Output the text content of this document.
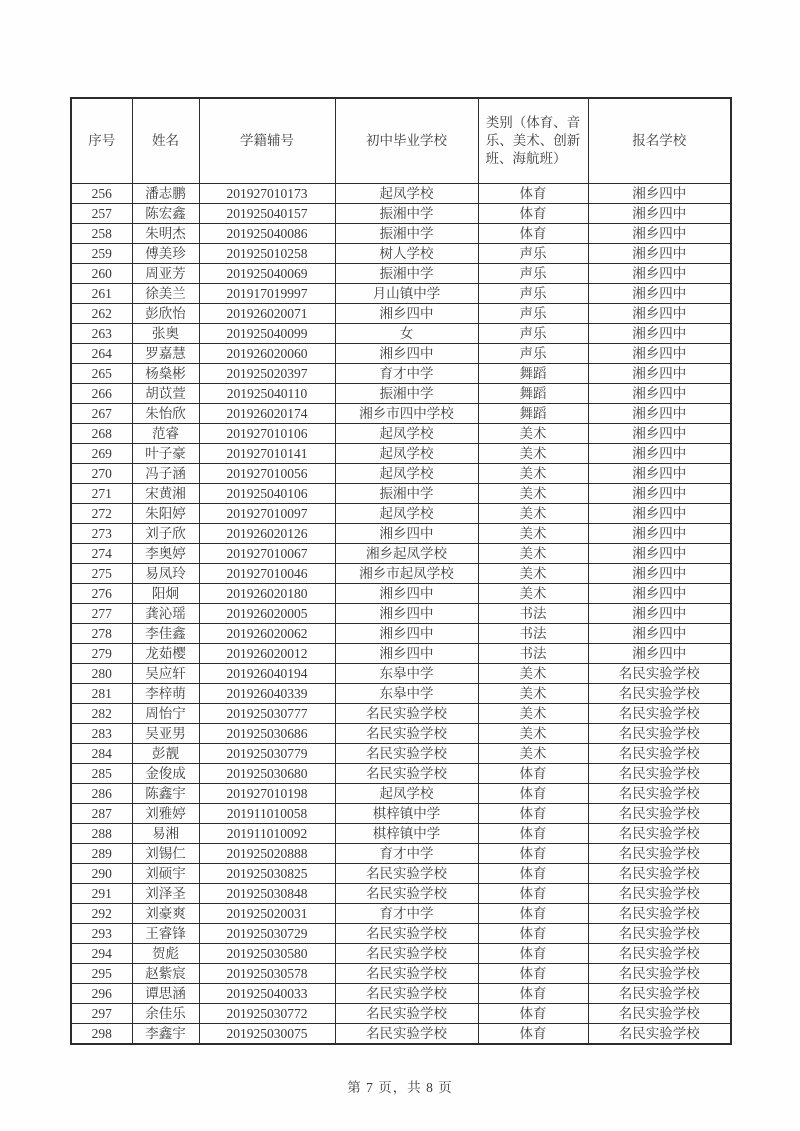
序号	姓名	学籍辅号	初中毕业学校	类别（体育、音乐、美术、创新班、海航班）	报名学校
256	潘志鹏	201927010173	起凤学校	体育	湘乡四中
257	陈宏鑫	201925040157	振湘中学	体育	湘乡四中
258	朱明杰	201925040086	振湘中学	体育	湘乡四中
259	傅美珍	201925010258	树人学校	声乐	湘乡四中
260	周亚芳	201925040069	振湘中学	声乐	湘乡四中
261	徐美兰	201917019997	月山镇中学	声乐	湘乡四中
262	彭欣怡	201926020071	湘乡四中	声乐	湘乡四中
263	张奥	201925040099	女	声乐	湘乡四中
264	罗嘉慧	201926020060	湘乡四中	声乐	湘乡四中
265	杨燊彬	201925020397	育才中学	舞蹈	湘乡四中
266	胡苡萱	201925040110	振湘中学	舞蹈	湘乡四中
267	朱怡欣	201926020174	湘乡市四中学校	舞蹈	湘乡四中
268	范睿	201927010106	起凤学校	美术	湘乡四中
269	叶子豪	201927010141	起凤学校	美术	湘乡四中
270	冯子涵	201927010056	起凤学校	美术	湘乡四中
271	宋黄湘	201925040106	振湘中学	美术	湘乡四中
272	朱阳婷	201927010097	起凤学校	美术	湘乡四中
273	刘子欣	201926020126	湘乡四中	美术	湘乡四中
274	李奥婷	201927010067	湘乡起凤学校	美术	湘乡四中
275	易凤玲	201927010046	湘乡市起凤学校	美术	湘乡四中
276	阳炯	201926020180	湘乡四中	美术	湘乡四中
277	龚沁瑶	201926020005	湘乡四中	书法	湘乡四中
278	李佳鑫	201926020062	湘乡四中	书法	湘乡四中
279	龙茹樱	201926020012	湘乡四中	书法	湘乡四中
280	吴应轩	201926040194	东皋中学	美术	名民实验学校
281	李梓萌	201926040339	东皋中学	美术	名民实验学校
282	周怡宁	201925030777	名民实验学校	美术	名民实验学校
283	吴亚男	201925030686	名民实验学校	美术	名民实验学校
284	彭靓	201925030779	名民实验学校	美术	名民实验学校
285	金俊成	201925030680	名民实验学校	体育	名民实验学校
286	陈鑫宇	201927010198	起凤学校	体育	名民实验学校
287	刘雅婷	201911010058	棋梓镇中学	体育	名民实验学校
288	易湘	201911010092	棋梓镇中学	体育	名民实验学校
289	刘锡仁	201925020888	育才中学	体育	名民实验学校
290	刘硕宇	201925030825	名民实验学校	体育	名民实验学校
291	刘泽圣	201925030848	名民实验学校	体育	名民实验学校
292	刘豪爽	201925020031	育才中学	体育	名民实验学校
293	王睿锋	201925030729	名民实验学校	体育	名民实验学校
294	贺彪	201925030580	名民实验学校	体育	名民实验学校
295	赵紫宸	201925030578	名民实验学校	体育	名民实验学校
296	谭思涵	201925040033	名民实验学校	体育	名民实验学校
297	余佳乐	201925030772	名民实验学校	体育	名民实验学校
298	李鑫宇	201925030075	名民实验学校	体育	名民实验学校
第 7 页，共 8 页
